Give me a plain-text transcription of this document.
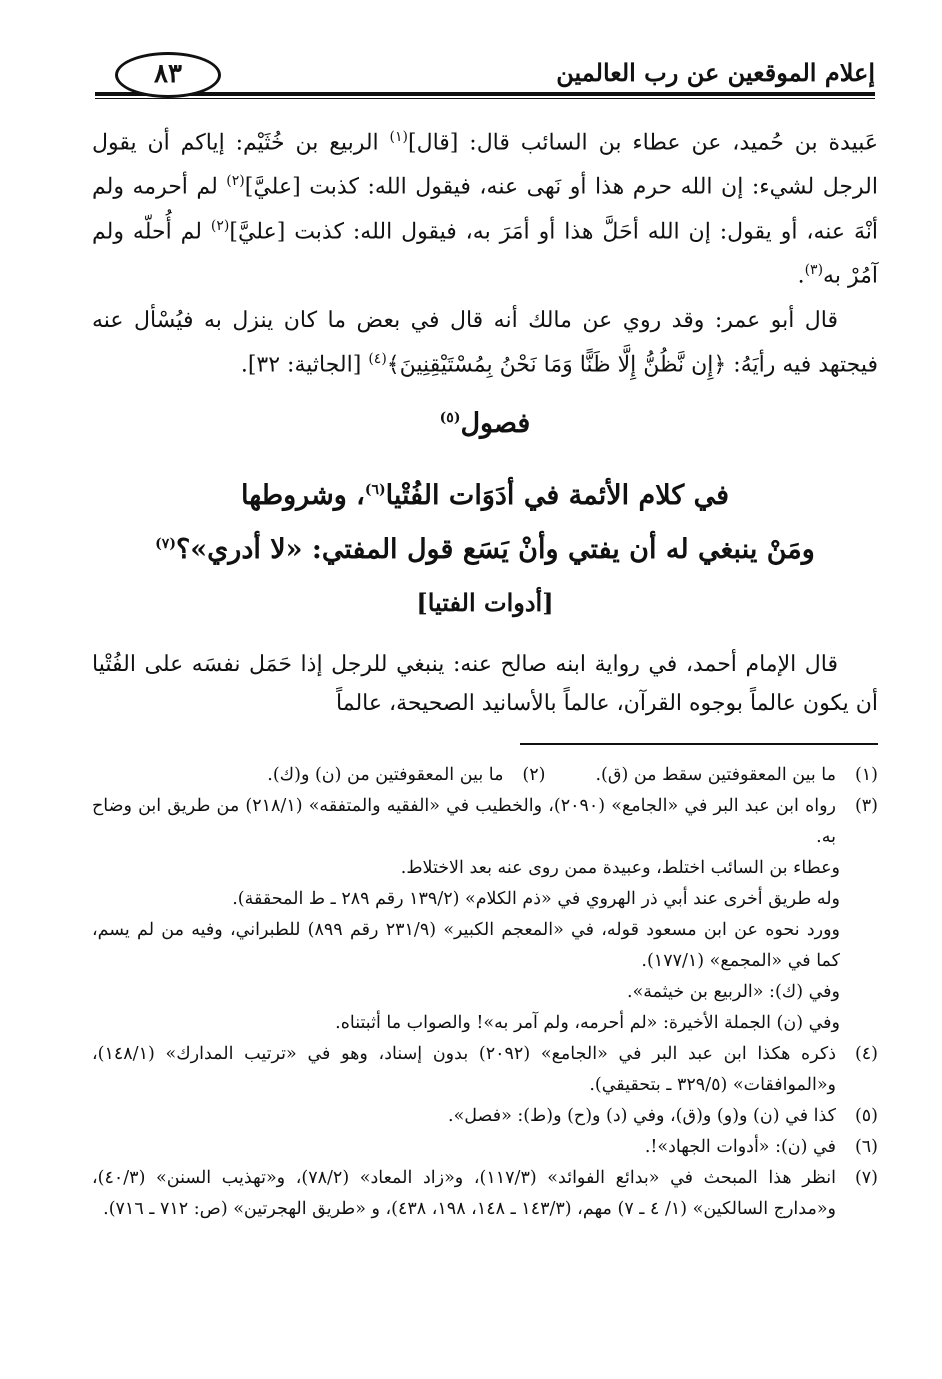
إعلام الموقعين عن رب العالمين
٨٣

عَبيدة بن حُميد، عن عطاء بن السائب قال: [قال]$^{(١)}$ الربيع بن خُثَيْم: إياكم أن يقول الرجل لشيء: إن الله حرم هذا أو نَهى عنه، فيقول الله: كذبت [عليَّ]$^{(٢)}$ لم أحرمه ولم أنْهَ عنه، أو يقول: إن الله أحَلَّ هذا أو أمَرَ به، فيقول الله: كذبت [عليَّ]$^{(٢)}$ لم أُحلّه ولم آمُرْ به$^{(٣)}$.

قال أبو عمر: وقد روي عن مالك أنه قال في بعض ما كان ينزل به فيُسْأل عنه فيجتهد فيه رأيَهُ: ﴿إِن نَّظُنُّ إِلَّا ظَنًّا وَمَا نَحْنُ بِمُسْتَيْقِنِينَ﴾$^{(٤)}$ [الجاثية: ٣٢].

فصول$^{(٥)}$
في كلام الأئمة في أدَوَات الفُتْيا$^{(٦)}$، وشروطها
ومَنْ ينبغي له أن يفتي وأنْ يَسَع قول المفتي: «لا أدري»؟$^{(٧)}$
[أدوات الفتيا]

قال الإمام أحمد، في رواية ابنه صالح عنه: ينبغي للرجل إذا حَمَل نفسَه على الفُتْيا أن يكون عالماً بوجوه القرآن، عالماً بالأسانيد الصحيحة، عالماً

(١)
ما بين المعقوفتين سقط من (ق).
(٢)
ما بين المعقوفتين من (ن) و(ك).
(٣)
رواه ابن عبد البر في «الجامع» (٢٠٩٠)، والخطيب في «الفقيه والمتفقه» (٢١٨/١) من طريق ابن وضاح به.
وعطاء بن السائب اختلط، وعبيدة ممن روى عنه بعد الاختلاط.
وله طريق أخرى عند أبي ذر الهروي في «ذم الكلام» (١٣٩/٢ رقم ٢٨٩ ـ ط المحققة).
وورد نحوه عن ابن مسعود قوله، في «المعجم الكبير» (٢٣١/٩ رقم ٨٩٩) للطبراني، وفيه من لم يسم، كما في «المجمع» (١٧٧/١).
وفي (ك): «الربيع بن خيثمة».
وفي (ن) الجملة الأخيرة: «لم أحرمه، ولم آمر به»! والصواب ما أثبتناه.
(٤)
ذكره هكذا ابن عبد البر في «الجامع» (٢٠٩٢) بدون إسناد، وهو في «ترتيب المدارك» (١٤٨/١)، و«الموافقات» (٣٢٩/٥ ـ بتحقيقي).
(٥)
كذا في (ن) و(و) و(ق)، وفي (د) و(ح) و(ط): «فصل».
(٦)
في (ن): «أدوات الجهاد»!.
(٧)
انظر هذا المبحث في «بدائع الفوائد» (١١٧/٣)، و«زاد المعاد» (٧٨/٢)، و«تهذيب السنن» (٤٠/٣)، و«مدارج السالكين» (١/ ٤ ـ ٧) مهم، (١٤٣/٣ ـ ١٤٨، ١٩٨، ٤٣٨)، و «طريق الهجرتين» (ص: ٧١٢ ـ ٧١٦).
